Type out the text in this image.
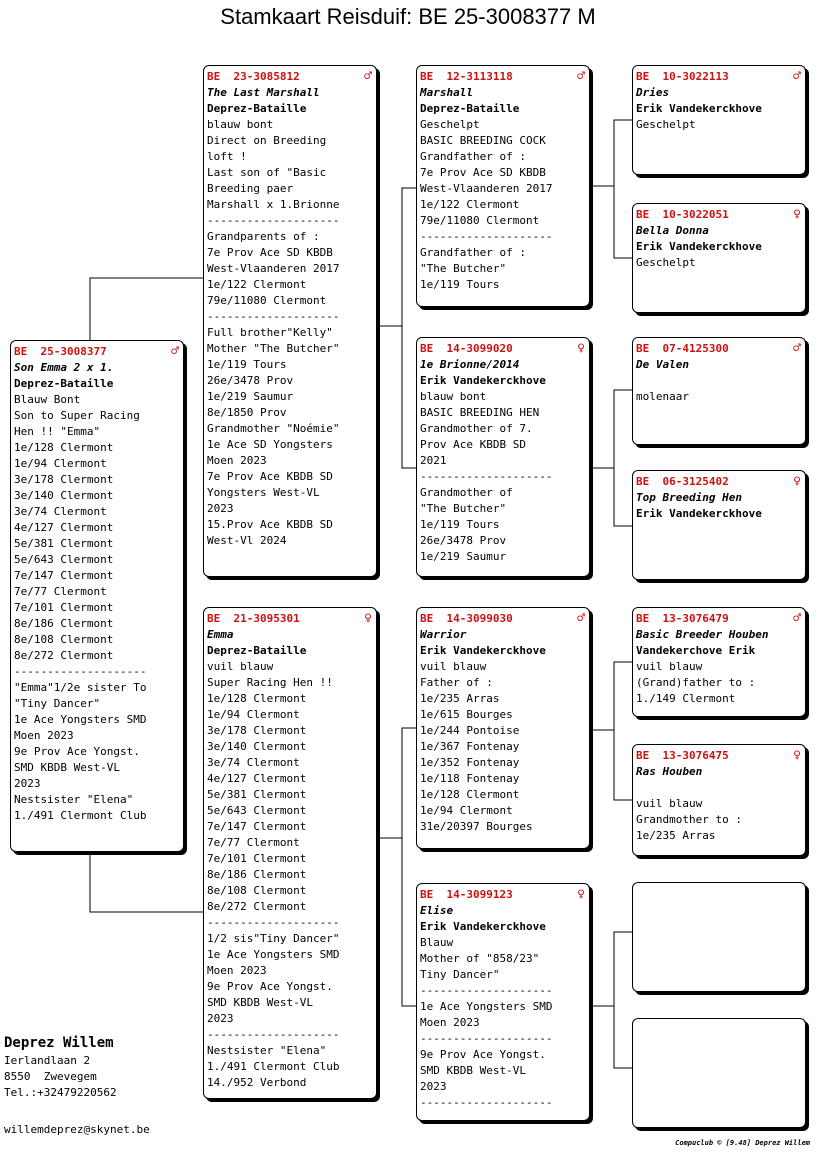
Stamkaart Reisduif: BE 25-3008377 M
BE  25-3008377	♂
Son Emma 2 x 1.
Deprez-Bataille
Blauw Bont
Son to Super Racing
Hen !! "Emma"
1e/128 Clermont
1e/94 Clermont
3e/178 Clermont
3e/140 Clermont
3e/74 Clermont
4e/127 Clermont
5e/381 Clermont
5e/643 Clermont
7e/147 Clermont
7e/77 Clermont
7e/101 Clermont
8e/186 Clermont
8e/108 Clermont
8e/272 Clermont
--------------------
"Emma"1/2e sister To
"Tiny Dancer"
1e Ace Yongsters SMD
Moen 2023
9e Prov Ace Yongst.
SMD KBDB West-VL
2023
Nestsister "Elena"
1./491 Clermont Club
BE  23-3085812	♂
The Last Marshall
Deprez-Bataille
blauw bont
Direct on Breeding
loft !
Last son of "Basic
Breeding paer
Marshall x 1.Brionne
--------------------
Grandparents of :
7e Prov Ace SD KBDB
West-Vlaanderen 2017
1e/122 Clermont
79e/11080 Clermont
--------------------
Full brother"Kelly"
Mother "The Butcher"
1e/119 Tours
26e/3478 Prov
1e/219 Saumur
8e/1850 Prov
Grandmother "Noémie"
1e Ace SD Yongsters
Moen 2023
7e Prov Ace KBDB SD
Yongsters West-VL
2023
15.Prov Ace KBDB SD
West-Vl 2024
BE  21-3095301	♀
Emma
Deprez-Bataille
vuil blauw
Super Racing Hen !!
1e/128 Clermont
1e/94 Clermont
3e/178 Clermont
3e/140 Clermont
3e/74 Clermont
4e/127 Clermont
5e/381 Clermont
5e/643 Clermont
7e/147 Clermont
7e/77 Clermont
7e/101 Clermont
8e/186 Clermont
8e/108 Clermont
8e/272 Clermont
--------------------
1/2 sis"Tiny Dancer"
1e Ace Yongsters SMD
Moen 2023
9e Prov Ace Yongst.
SMD KBDB West-VL
2023
--------------------
Nestsister "Elena"
1./491 Clermont Club
14./952 Verbond
BE  12-3113118	♂
Marshall
Deprez-Bataille
Geschelpt
BASIC BREEDING COCK
Grandfather of :
7e Prov Ace SD KBDB
West-Vlaanderen 2017
1e/122 Clermont
79e/11080 Clermont
--------------------
Grandfather of :
"The Butcher"
1e/119 Tours
BE  14-3099020	♀
1e Brionne/2014
Erik Vandekerckhove
blauw bont
BASIC BREEDING HEN
Grandmother of 7.
Prov Ace KBDB SD
2021
--------------------
Grandmother of
"The Butcher"
1e/119 Tours
26e/3478 Prov
1e/219 Saumur
BE  14-3099030	♂
Warrior
Erik Vandekerckhove
vuil blauw
Father of :
1e/235 Arras
1e/615 Bourges
1e/244 Pontoise
1e/367 Fontenay
1e/352 Fontenay
1e/118 Fontenay
1e/128 Clermont
1e/94 Clermont
31e/20397 Bourges
BE  14-3099123	♀
Elise
Erik Vandekerckhove
Blauw
Mother of "858/23"
Tiny Dancer"
--------------------
1e Ace Yongsters SMD
Moen 2023
--------------------
9e Prov Ace Yongst.
SMD KBDB West-VL
2023
--------------------
BE  10-3022113	♂
Dries
Erik Vandekerckhove
Geschelpt
BE  10-3022051	♀
Bella Donna
Erik Vandekerckhove
Geschelpt
BE  07-4125300	♂
De Valen
molenaar
BE  06-3125402	♀
Top Breeding Hen
Erik Vandekerckhove
BE  13-3076479	♂
Basic Breeder Houben
Vandekerchove Erik
vuil blauw
(Grand)father to :
1./149 Clermont
BE  13-3076475	♀
Ras Houben
vuil blauw
Grandmother to :
1e/235 Arras
Deprez Willem
Ierlandlaan 2
8550  Zwevegem
Tel.:+32479220562
willemdeprez@skynet.be
Compuclub © [9.48] Deprez Willem
